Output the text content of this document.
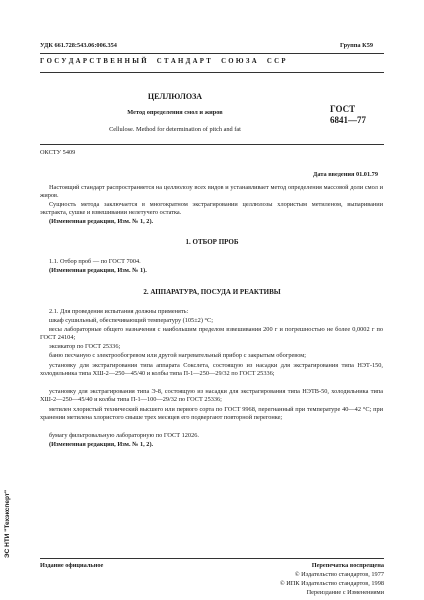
УДК 661.728:543.06:006.354	Группа К59
Г О С У Д А Р С Т В Е Н Н Ы Й     С Т А Н Д А Р Т     С О Ю З А     С С Р
ЦЕЛЛЮЛОЗА
Метод определения смол и жиров
Cellulose. Method for determination of pitch and fat
ГОСТ
6841—77
ОКСТУ 5409
Дата введения 01.01.79
Настоящий стандарт распространяется на целлюлозу всех видов и устанавливает метод определения массовой доли смол и жиров.
Сущность метода заключается в многократном экстрагировании целлюлозы хлористым метиленом, выпаривании экстракта, сушке и взвешивании нелетучего остатка.
(Измененная редакция, Изм. № 1, 2).
1. ОТБОР ПРОБ
1.1. Отбор проб — по ГОСТ 7004.
(Измененная редакция, Изм. № 1).
2. АППАРАТУРА, ПОСУДА И РЕАКТИВЫ
2.1. Для проведения испытания должны применять:
шкаф сушильный, обеспечивающий температуру (105±2) °С;
весы лабораторные общего назначения с наибольшим пределом взвешивания 200 г и погрешностью не более 0,0002 г по ГОСТ 24104;
эксикатор по ГОСТ 25336;
баню песчаную с электрообогревом или другой нагревательный прибор с закрытым обогревом;
установку для экстрагирования типа аппарата Сокслета, состоящую из насадки для экстрагирования типа НЭТ-150, холодильника типа ХШ-2—250—45/40 и колбы типа П-1—250—29/32 по ГОСТ 25336;
установку для экстрагирования типа Э-8, состоящую из насадки для экстрагирования типа НЭТВ-50, холодильника типа ХШ-2—250—45/40 и колбы типа П-1—100—29/32 по ГОСТ 25336;
метилен хлористый технический высшего или первого сорта по ГОСТ 9968, перегнанный при температуре 40—42 °С; при хранении метилена хлористого свыше трех месяцев его подвергают повторной перегонке;
бумагу фильтровальную лабораторную по ГОСТ 12026.
(Измененная редакция, Изм. № 1, 2).
Издание официальное	Перепечатка воспрещена
© Издательство стандартов, 1977
© ИПК Издательство стандартов, 1998
Переиздание с Изменениями
ЭС НТИ "Техэксперт"
